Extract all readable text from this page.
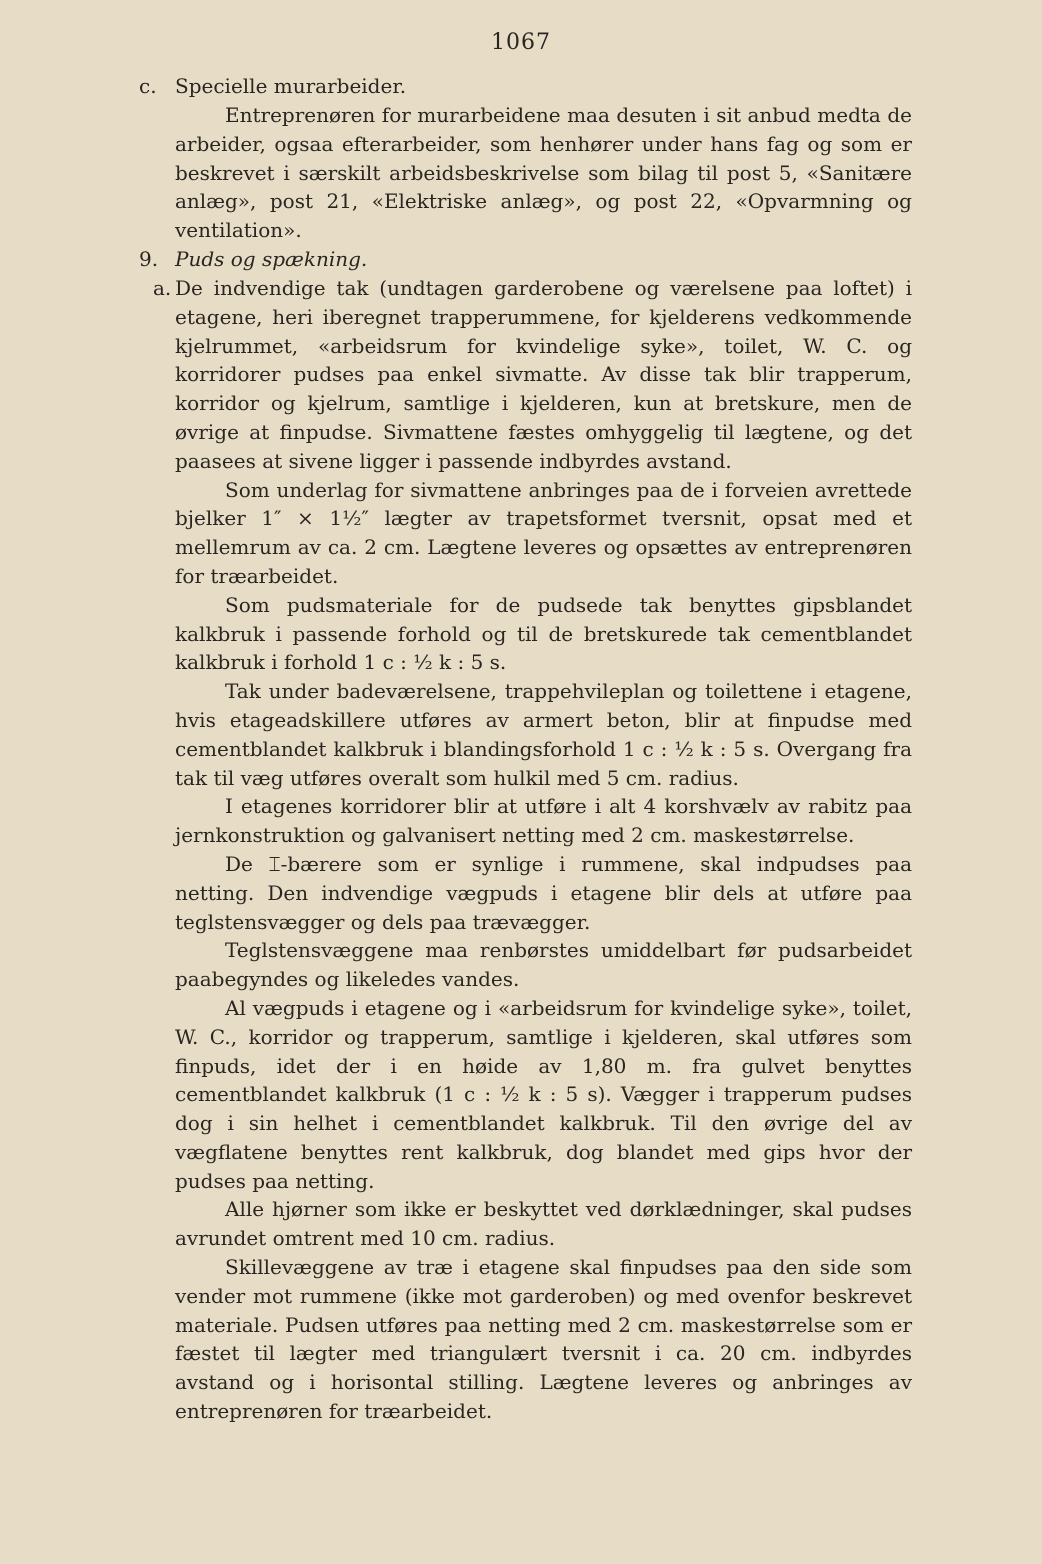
1067
c. Specielle murarbeider.

Entreprenøren for murarbeidene maa desuten i sit anbud medta de arbeider, ogsaa efterarbeider, som henhører under hans fag og som er beskrevet i særskilt arbeidsbeskrivelse som bilag til post 5, «Sanitære anlæg», post 21, «Elektriske anlæg», og post 22, «Opvarmning og ventilation».

9. Puds og spækning.
a. De indvendige tak (undtagen garderobene og værelsene paa loftet) i etagene, heri iberegnet trapperummene, for kjelderens vedkommende kjelrummet, «arbeidsrum for kvindelige syke», toilet, W. C. og korridorer pudses paa enkel sivmatte. Av disse tak blir trapperum, korridor og kjelrum, samtlige i kjelderen, kun at bretskure, men de øvrige at finpudse. Sivmattene fæstes omhyggelig til lægtene, og det paasees at sivene ligger i passende indbyrdes avstand.

Som underlag for sivmattene anbringes paa de i forveien avrettede bjelker 1″ × 1½″ lægter av trapetsformet tversnit, opsat med et mellemrum av ca. 2 cm. Lægtene leveres og opsættes av entreprenøren for træarbeidet.

Som pudsmateriale for de pudsede tak benyttes gipsblandet kalkbruk i passende forhold og til de bretskurede tak cementblandet kalkbruk i forhold 1 c : ½ k : 5 s.

Tak under badeværelsene, trappehvileplan og toilettene i etagene, hvis etageadskillere utføres av armert beton, blir at finpudse med cementblandet kalkbruk i blandingsforhold 1 c : ½ k : 5 s. Overgang fra tak til væg utføres overalt som hulkil med 5 cm. radius.

I etagenes korridorer blir at utføre i alt 4 korshvælv av rabitz paa jernkonstruktion og galvanisert netting med 2 cm. maskestørrelse.

De ⌶-bærere som er synlige i rummene, skal indpudses paa netting. Den indvendige vægpuds i etagene blir dels at utføre paa teglstensvægger og dels paa trævægger.

Teglstensvæggene maa renbørstes umiddelbart før pudsarbeidet paabegyndes og likeledes vandes.

Al vægpuds i etagene og i «arbeidsrum for kvindelige syke», toilet, W. C., korridor og trapperum, samtlige i kjelderen, skal utføres som finpuds, idet der i en høide av 1,80 m. fra gulvet benyttes cementblandet kalkbruk (1 c : ½ k : 5 s). Vægger i trapperum pudses dog i sin helhet i cementblandet kalkbruk. Til den øvrige del av vægflatene benyttes rent kalkbruk, dog blandet med gips hvor der pudses paa netting.

Alle hjørner som ikke er beskyttet ved dørklædninger, skal pudses avrundet omtrent med 10 cm. radius.

Skillevæggene av træ i etagene skal finpudses paa den side som vender mot rummene (ikke mot garderoben) og med ovenfor beskrevet materiale. Pudsen utføres paa netting med 2 cm. maskestørrelse som er fæstet til lægter med triangulært tversnit i ca. 20 cm. indbyrdes avstand og i horisontal stilling. Lægtene leveres og anbringes av entreprenøren for træarbeidet.
